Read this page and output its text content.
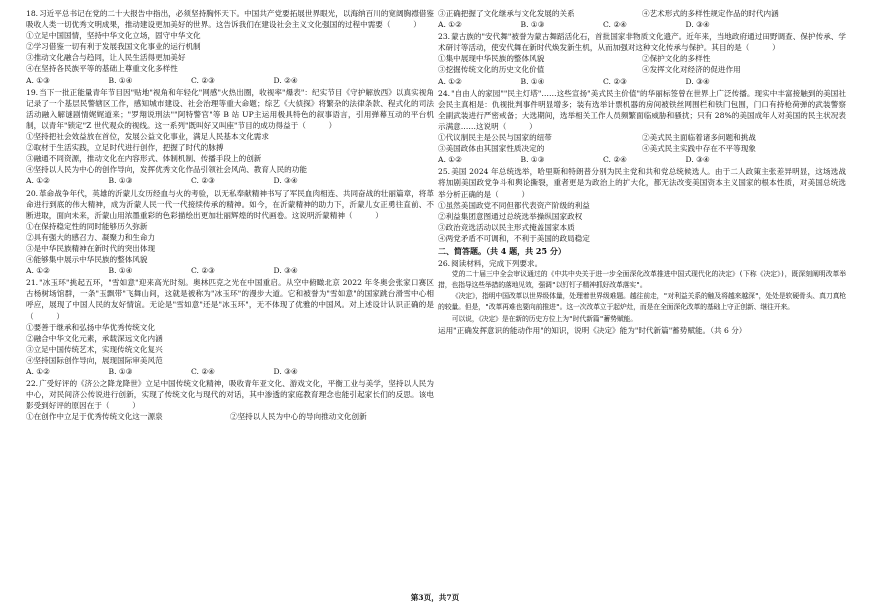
18.习近平总书记在党的二十大报告中指出，必须坚持胸怀天下。中国共产党要拓展世界眼光，以海纳百川的宽阔胸襟借鉴吸收人类一切优秀文明成果，推动建设更加美好的世界。这告诉我们在建设社会主义文化强国的过程中需要（　　　）
①立足中国国情，坚持中华文化立场，固守中华文化
②学习借鉴一切有利于发展我国文化事业的运行机制
③推动文化融合与趋同，让人民生活得更加美好
④在坚持各民族平等的基础上尊重文化多样性
A. ①③	B. ①④	C. ②③	D. ②④
19.当下一批正能量青年节目因"贴地"视角和年轻化"网感"火热出圈，收视率"爆表"：纪实节目《守护解放西》以真实视角记录了一个基层民警辖区工作，感知城市建设、社会治理等重大命题；综艺《大侦探》将繁杂的法律条款、程式化的司法活动融入解谜剧情娓娓道来；"罗翔说刑法""阿特警官"等 B 站 UP主运用极具特色的叙事语言，引用弹幕互动的平台机制，以青年"锁定"Z 世代观众的视线。这一系列"既叫好又叫座"节目的成功得益于（　　　）
①坚持把社会效益放在首位，发展公益文化事业，满足人民基本文化需求
②取材于生活实践，立足时代进行创作，把握了时代的脉搏
③融通不同资源，推动文化在内容形式、体制机制、传播手段上的创新
④坚持以人民为中心的创作导向，发挥优秀文化作品引领社会风尚、教育人民的功能
A. ①②	B. ①③	C. ②③	D. ③④
20.革命战争年代，英雄的沂蒙儿女历经血与火的考验，以无私奉献精神书写了军民血肉相连、共同奋战的壮丽篇章，将革命进行到底的伟大精神，成为沂蒙人民一代一代接续传承的精神。如今，在沂蒙精神的助力下，沂蒙儿女正勇往直前、不断进取，面向未来，沂蒙山用浓墨重彩的色彩描绘出更加壮丽辉煌的时代画卷。这说明沂蒙精神（　　　）
①在保持稳定性的同时能够历久弥新
②具有强大的感召力、凝聚力和生命力
③是中华民族精神在新时代的突出体现
④能够集中展示中华民族的整体风貌
A. ①②	B. ①④	C. ②③	D. ③④
21."冰玉环"挑起五环，"雪如意"迎来高光时刻。奥林匹克之光在中国重启。从空中俯瞰北京 2022 年冬奥会张家口赛区古杨树场馆群，一条"玉飘带"飞舞山间，这就是被称为"冰玉环"的漫步大道。它和被誉为"雪如意"的国家跳台滑雪中心相呼应，展现了中国人民的友好情谊。无论是"雪如意"还是"冰玉环"，无不体现了优雅的中国风。对上述设计认识正确的是（　　　）
①要善于继承和弘扬中华优秀传统文化
②融合中华文化元素，承载深远文化内涵
③立足中国传统艺术，实现传统文化复兴
④坚持国际创作导向，展现国际审美风范
A. ①②	B. ①③	C. ②④	D. ③④
22.广受好评的《济公之降龙降世》立足中国传统文化精神，吸收青年亚文化、游戏文化，平衡工业与美学，坚持以人民为中心，对民间济公传说进行创新，实现了传统文化与现代的对话，其中渗透的家庭教育理念也能引起家长们的反思。该电影受到好评的原因在于（　　　）
①在创作中立足于优秀传统文化这一源泉	②坚持以人民为中心的导向推动文化创新
③正确把握了文化继承与文化发展的关系	④艺术形式的多样性规定作品的时代内涵
A. ①②	B. ①③	C. ②④	D. ③④
23.蒙古族的"安代舞"被誉为蒙古舞蹈活化石，首批国家非物质文化遗产。近年来，当地政府通过田野调查、保护传承、学术研讨等活动，使安代舞在新时代焕发新生机，从而加强对这种文化传承与保护。其目的是（　　　）
①集中展现中华民族的整体风貌	②保护文化的多样性
③挖掘传统文化的历史文化价值	④发挥文化对经济的促进作用
A. ①②	B. ①④	C. ②③	D. ③④
24."自由人的家园""民主灯塔"……这些宣扬"美式民主价值"的华丽标签曾在世界上广泛传播。现实中丰富接触到的美国社会民主真相是：仇视批判事件明显增多；装有选举计票机器的房间被铁丝网围栏和铁门包围，门口有持枪荷弹的武装警察全副武装进行严密戒备；大选期间，选举相关工作人员频繁面临威胁和骚扰；只有 28%的美国成年人对美国的民主状况表示满意……这说明（　　　）
①代议制民主是公民与国家的纽带	②美式民主面临着诸多问题和挑战
③美国政体由其国家性质决定的	④美式民主实践中存在不平等现象
A. ①②	B. ①③	C. ②④	D. ③④
25.美国 2024 年总统选举，哈里斯和特朗普分别为民主党和共和党总统候选人。由于二人政策主张差异明显，这场选战将加剧美国政党争斗和舆论撕裂，重者更是为政治上的扩大化，都无法改变美国资本主义国家的根本性质，对美国总统选举分析正确的是（　　　）
①虽然美国政党不同但都代表资产阶级的利益
②利益集团意图通过总统选举操纵国家政权
③政治竞选活动以民主形式掩盖国家本质
④两党矛盾不可调和，不利于美国的政局稳定
二、简答题。（共 4 题，共 25 分）
26.阅读材料，完成下列要求。
党的二十届三中全会审议通过的《中共中央关于进一步全面深化改革推进中国式现代化的决定》(下称《决定》)，既深刻阐明改革举措，也指导这些举措的落地见效，强调"以钉钉子精神抓好改革落实"。
《决定》，指明中国改革以世界级体量，处理着世界级难题。越往前走，"对利益关系的触及将越来越深"，处处是软硬骨头、真刀真枪的较量。但是，"改革再难也要向前推进"。这一次改革立于起炉灶，而是在全面深化改革的基础上守正创新、继往开来。
可以说，《决定》是在新的历史方位上为"时代新篇"蓄势赋能。
运用"正确发挥意识的能动作用"的知识，说明《决定》能为"时代新篇"蓄势赋能。（共 6 分）
第3页，共7页
